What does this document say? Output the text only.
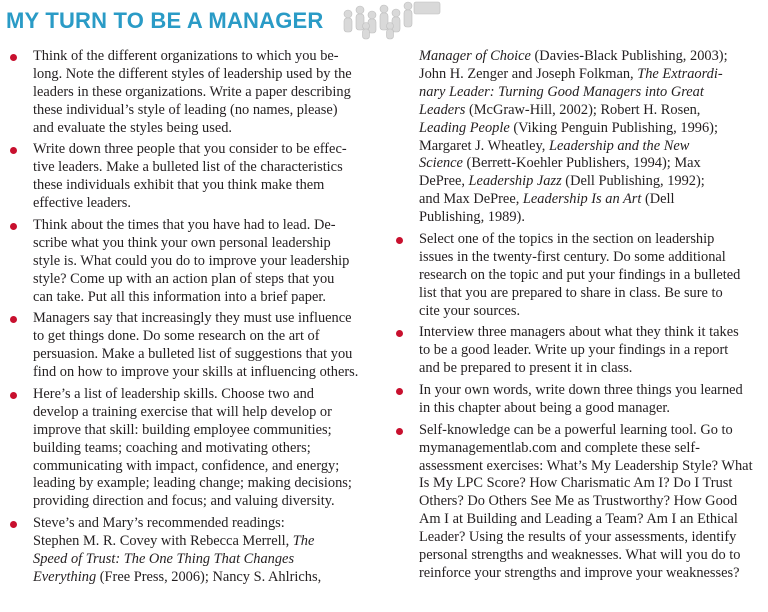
MY TURN TO BE A MANAGER
Think of the different organizations to which you be-
long. Note the different styles of leadership used by the
leaders in these organizations. Write a paper describing
these individual’s style of leading (no names, please)
and evaluate the styles being used.
Write down three people that you consider to be effec-
tive leaders. Make a bulleted list of the characteristics
these individuals exhibit that you think make them
effective leaders.
Think about the times that you have had to lead. De-
scribe what you think your own personal leadership
style is. What could you do to improve your leadership
style? Come up with an action plan of steps that you
can take. Put all this information into a brief paper.
Managers say that increasingly they must use influence
to get things done. Do some research on the art of
persuasion. Make a bulleted list of suggestions that you
find on how to improve your skills at influencing others.
Here’s a list of leadership skills. Choose two and
develop a training exercise that will help develop or
improve that skill: building employee communities;
building teams; coaching and motivating others;
communicating with impact, confidence, and energy;
leading by example; leading change; making decisions;
providing direction and focus; and valuing diversity.
Steve’s and Mary’s recommended readings:
Stephen M. R. Covey with Rebecca Merrell, The
Speed of Trust: The One Thing That Changes
Everything (Free Press, 2006); Nancy S. Ahlrichs,
Manager of Choice (Davies-Black Publishing, 2003);
John H. Zenger and Joseph Folkman, The Extraordi-
nary Leader: Turning Good Managers into Great
Leaders (McGraw-Hill, 2002); Robert H. Rosen,
Leading People (Viking Penguin Publishing, 1996);
Margaret J. Wheatley, Leadership and the New
Science (Berrett-Koehler Publishers, 1994); Max
DePree, Leadership Jazz (Dell Publishing, 1992);
and Max DePree, Leadership Is an Art (Dell
Publishing, 1989).
Select one of the topics in the section on leadership
issues in the twenty-first century. Do some additional
research on the topic and put your findings in a bulleted
list that you are prepared to share in class. Be sure to
cite your sources.
Interview three managers about what they think it takes
to be a good leader. Write up your findings in a report
and be prepared to present it in class.
In your own words, write down three things you learned
in this chapter about being a good manager.
Self-knowledge can be a powerful learning tool. Go to
mymanagementlab.com and complete these self-
assessment exercises: What’s My Leadership Style? What
Is My LPC Score? How Charismatic Am I? Do I Trust
Others? Do Others See Me as Trustworthy? How Good
Am I at Building and Leading a Team? Am I an Ethical
Leader? Using the results of your assessments, identify
personal strengths and weaknesses. What will you do to
reinforce your strengths and improve your weaknesses?
